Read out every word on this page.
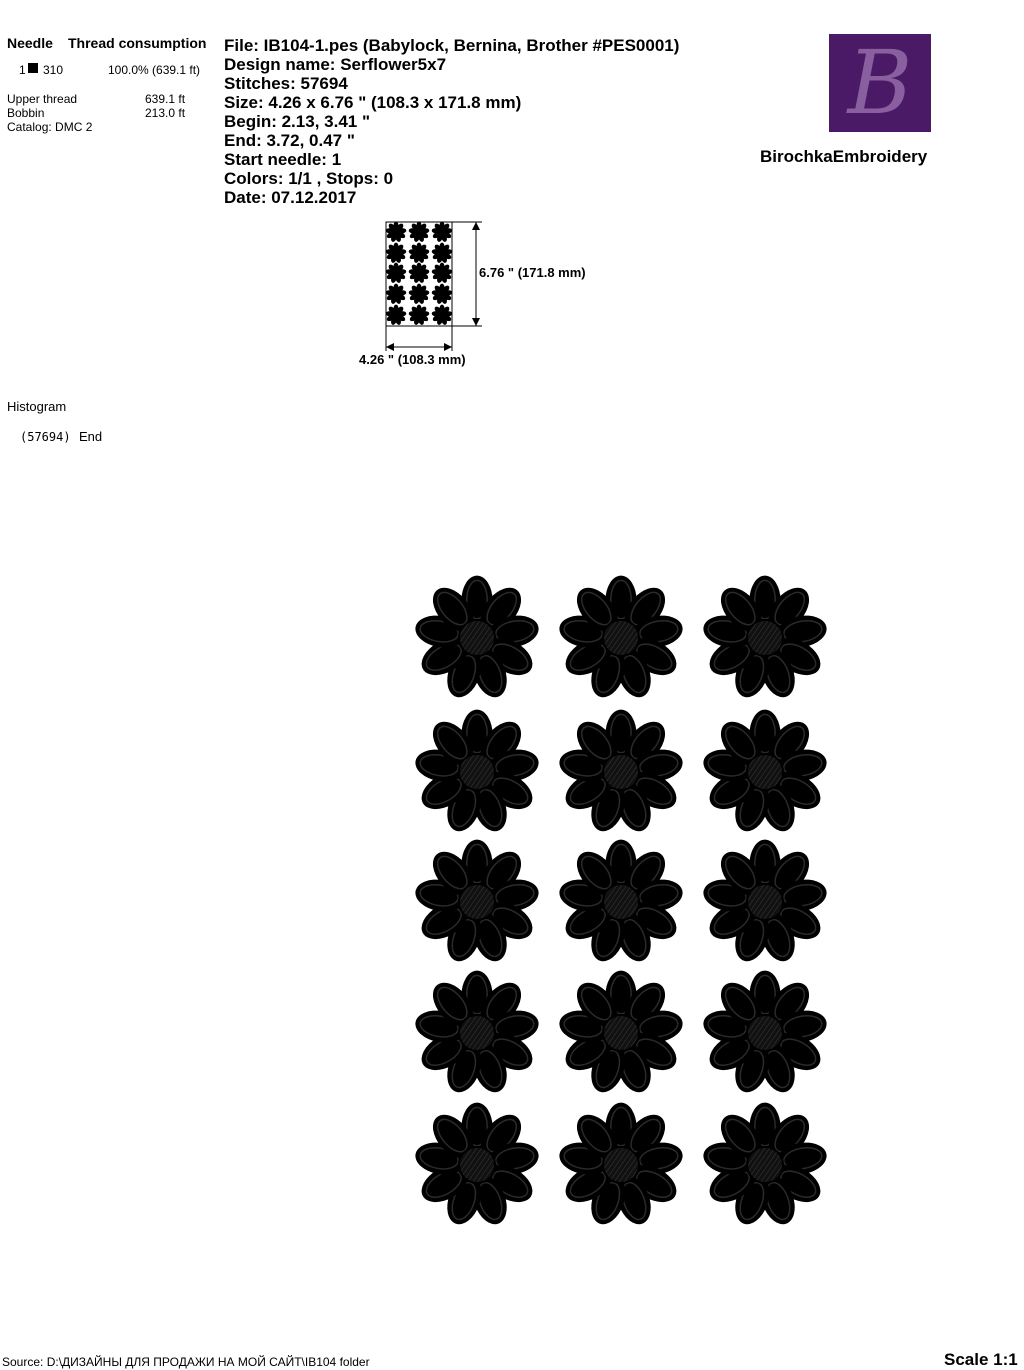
Needle Thread consumption
1 310	100.0% (639.1 ft)
Upper thread	639.1 ft
Bobbin	213.0 ft
Catalog: DMC 2
File: IB104-1.pes (Babylock, Bernina, Brother #PES0001)
Design name: Serflower5x7
Stitches: 57694
Size: 4.26 x 6.76 " (108.3 x 171.8 mm)
Begin: 2.13, 3.41 "
End: 3.72, 0.47 "
Start needle: 1
Colors: 1/1 , Stops: 0
Date: 07.12.2017
B
BirochkaEmbroidery
6.76 " (171.8 mm)
4.26 " (108.3 mm)
Histogram
(57694) End
Source: D:\ДИЗАЙНЫ ДЛЯ ПРОДАЖИ НА МОЙ САЙТ\IB104 folder	Scale 1:1
